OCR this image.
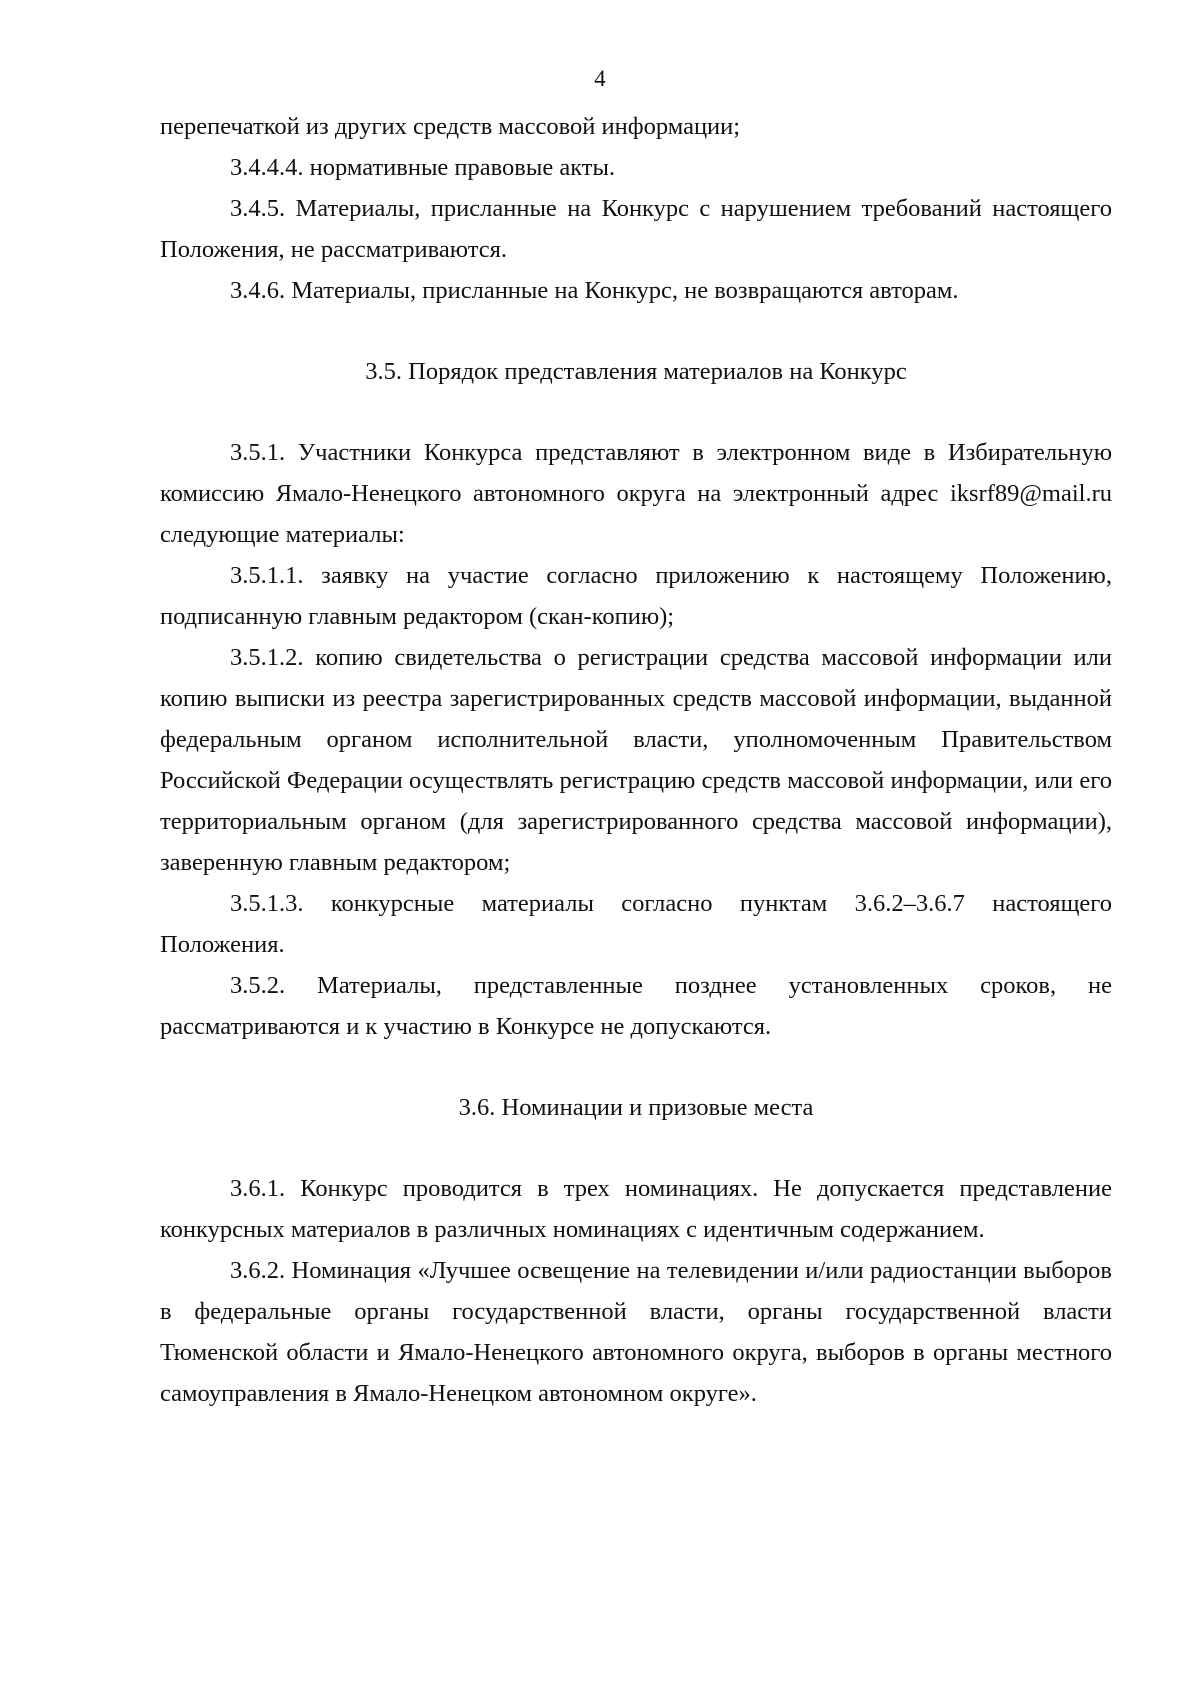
4

перепечаткой из других средств массовой информации;

3.4.4.4. нормативные правовые акты.

3.4.5. Материалы, присланные на Конкурс с нарушением требований настоящего Положения, не рассматриваются.

3.4.6. Материалы, присланные на Конкурс, не возвращаются авторам.

3.5. Порядок представления материалов на Конкурс

3.5.1. Участники Конкурса представляют в электронном виде в Избирательную комиссию Ямало-Ненецкого автономного округа на электронный адрес iksrf89@mail.ru следующие материалы:

3.5.1.1. заявку на участие согласно приложению к настоящему Положению, подписанную главным редактором (скан-копию);

3.5.1.2. копию свидетельства о регистрации средства массовой информации или копию выписки из реестра зарегистрированных средств массовой информации, выданной федеральным органом исполнительной власти, уполномоченным Правительством Российской Федерации осуществлять регистрацию средств массовой информации, или его территориальным органом (для зарегистрированного средства массовой информации), заверенную главным редактором;

3.5.1.3. конкурсные материалы согласно пунктам 3.6.2–3.6.7 настоящего Положения.

3.5.2. Материалы, представленные позднее установленных сроков, не рассматриваются и к участию в Конкурсе не допускаются.

3.6. Номинации и призовые места

3.6.1. Конкурс проводится в трех номинациях. Не допускается представление конкурсных материалов в различных номинациях с идентичным содержанием.

3.6.2. Номинация «Лучшее освещение на телевидении и/или радиостанции выборов в федеральные органы государственной власти, органы государственной власти Тюменской области и Ямало-Ненецкого автономного округа, выборов в органы местного самоуправления в Ямало-Ненецком автономном округе».
